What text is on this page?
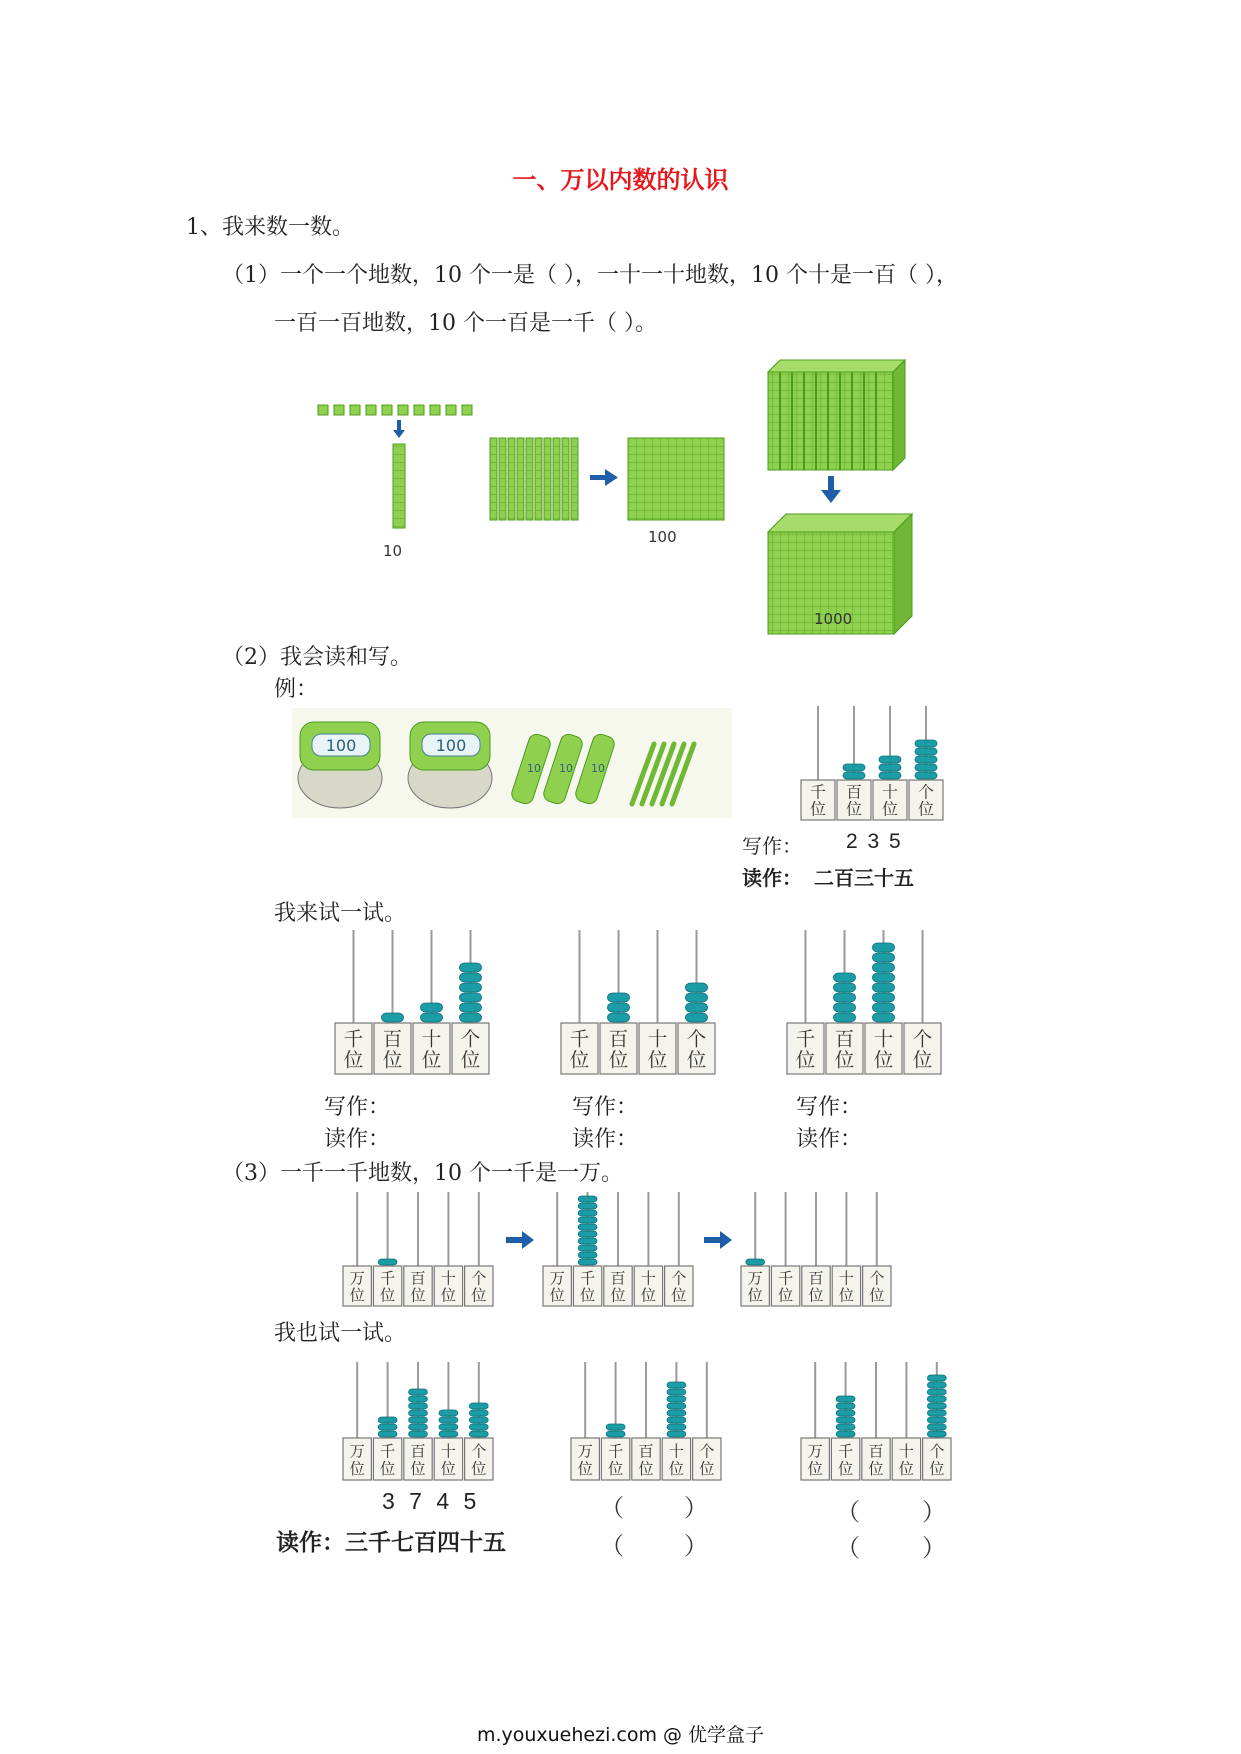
一、万以内数的认识
1、我来数一数。
（1）一个一个地数，10 个一是（ ），一十一十地数，10 个十是一百（ ），
一百一百地数，10 个一百是一千（ ）。
10
100
1000
（2）我会读和写。
例：
100	100
10 10 10
千
位
百
位
十
位
个
位
写作： 2 3 5
读作： 二百三十五
我来试一试。
千
位
百
位
十
位
个
位
千
位
百
位
十
位
个
位
千
位
百
位
十
位
个
位
写作：
读作：
写作：
读作：
写作：
读作：
（3）一千一千地数，10 个一千是一万。
万
位
千
位
百
位
十
位
个
位
万
位
千
位
百
位
十
位
个
位
万
位
千
位
百
位
十
位
个
位
我也试一试。
万
位
千
位
百
位
十
位
个
位
万
位
千
位
百
位
十
位
个
位
万
位
千
位
百
位
十
位
个
位
3 7 4 5
读作：三千七百四十五
（	）
（	）
（	）
（	）
m.youxuehezi.com @ 优学盒子
